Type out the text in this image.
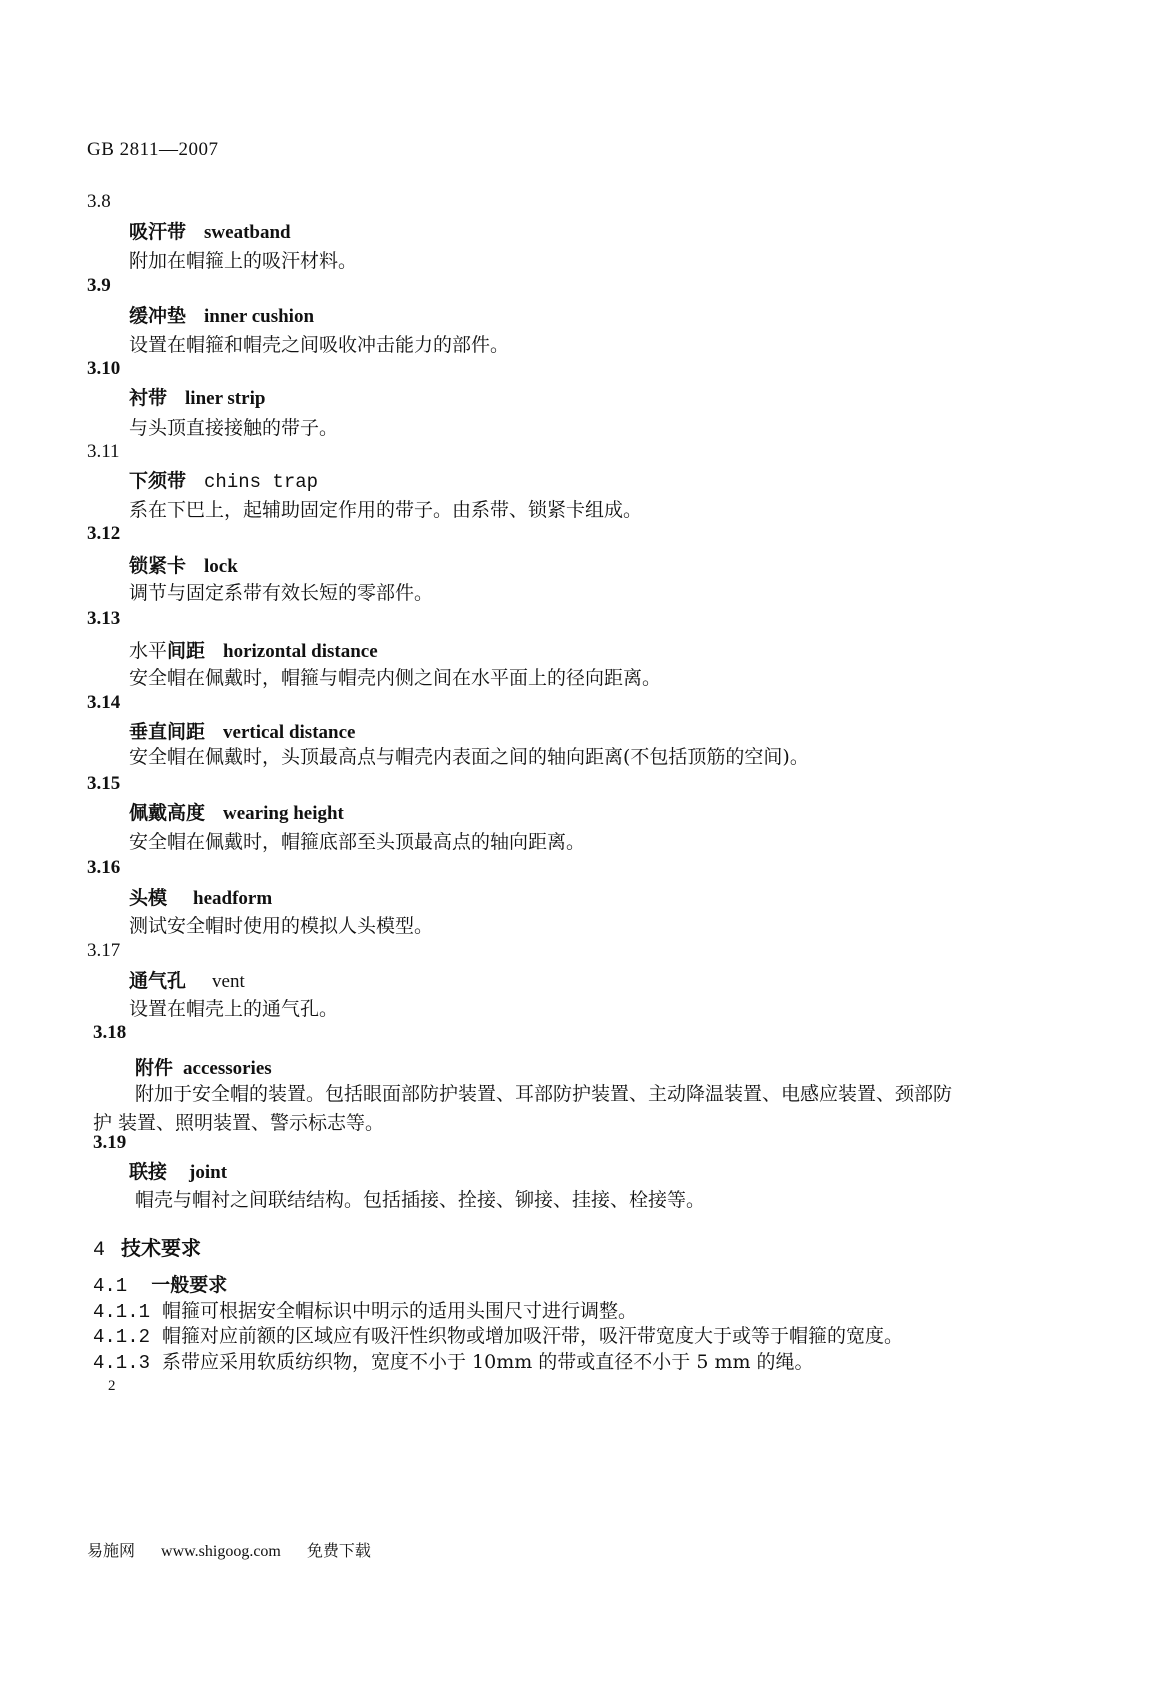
GB 2811—2007
3.8
吸汗带 sweatband
附加在帽箍上的吸汗材料。
3.9
缓冲垫 inner cushion
设置在帽箍和帽壳之间吸收冲击能力的部件。
3.10
衬带 liner strip
与头顶直接接触的带子。
3.11
下须带 chins trap
系在下巴上，起辅助固定作用的带子。由系带、锁紧卡组成。
3.12
锁紧卡 lock
调节与固定系带有效长短的零部件。
3.13
水平间距 horizontal distance
安全帽在佩戴时，帽箍与帽壳内侧之间在水平面上的径向距离。
3.14
垂直间距 vertical distance
安全帽在佩戴时，头顶最高点与帽壳内表面之间的轴向距离(不包括顶筋的空间)。
3.15
佩戴高度 wearing height
安全帽在佩戴时，帽箍底部至头顶最高点的轴向距离。
3.16
头模 headform
测试安全帽时使用的模拟人头模型。
3.17
通气孔 vent
设置在帽壳上的通气孔。
3.18
附件 accessories
附加于安全帽的装置。包括眼面部防护装置、耳部防护装置、主动降温装置、电感应装置、颈部防
护 装置、照明装置、警示标志等。
3.19
联接 joint
帽壳与帽衬之间联结结构。包括插接、拴接、铆接、挂接、栓接等。
4 技术要求
4.1 一般要求
4.1.1 帽箍可根据安全帽标识中明示的适用头围尺寸进行调整。
4.1.2 帽箍对应前额的区域应有吸汗性织物或增加吸汗带，吸汗带宽度大于或等于帽箍的宽度。
4.1.3 系带应采用软质纺织物，宽度不小于 10mm 的带或直径不小于 5 mm 的绳。
2
易施网 www.shigoog.com 免费下载
